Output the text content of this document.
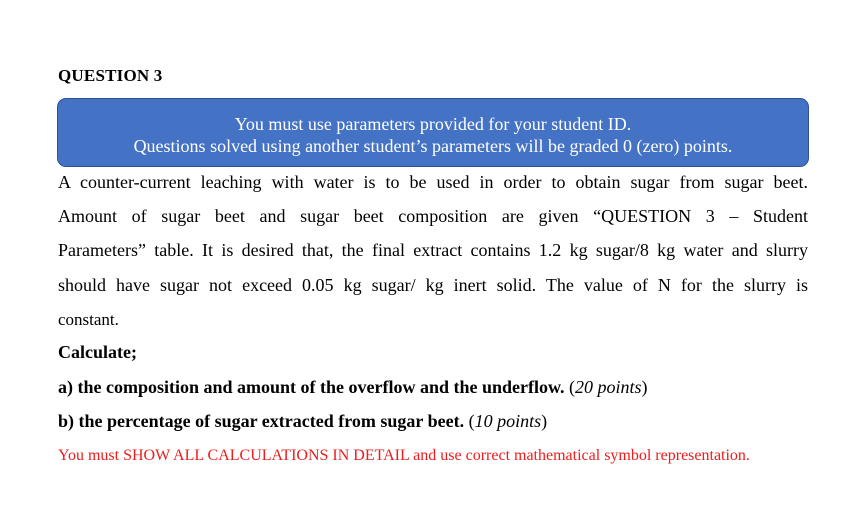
QUESTION 3
You must use parameters provided for your student ID.
Questions solved using another student’s parameters will be graded 0 (zero) points.
A counter-current leaching with water is to be used in order to obtain sugar from sugar beet.
Amount of sugar beet and sugar beet composition are given “QUESTION 3 – Student
Parameters” table. It is desired that, the final extract contains 1.2 kg sugar/8 kg water and slurry
should have sugar not exceed 0.05 kg sugar/ kg inert solid. The value of N for the slurry is
constant.
Calculate;
a) the composition and amount of the overflow and the underflow. (20 points)
b) the percentage of sugar extracted from sugar beet. (10 points)
You must SHOW ALL CALCULATIONS IN DETAIL and use correct mathematical symbol representation.
